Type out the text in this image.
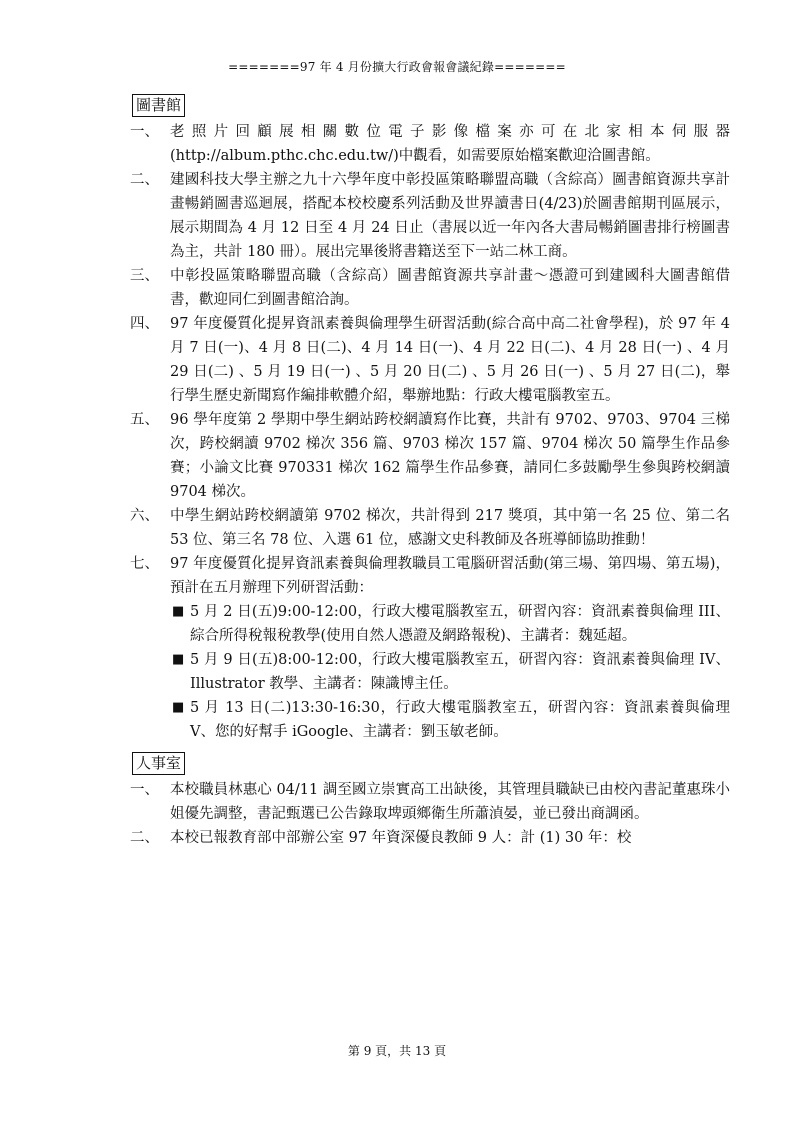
=======97 年 4 月份擴大行政會報會議紀錄=======
圖書館
一、 老照片回顧展相關數位電子影像檔案亦可在北家相本伺服器(http://album.pthc.chc.edu.tw/)中觀看，如需要原始檔案歡迎洽圖書館。
二、 建國科技大學主辦之九十六學年度中彰投區策略聯盟高職（含綜高）圖書館資源共享計畫暢銷圖書巡迴展，搭配本校校慶系列活動及世界讀書日(4/23)於圖書館期刊區展示，展示期間為 4 月 12 日至 4 月 24 日止（書展以近一年內各大書局暢銷圖書排行榜圖書為主，共計 180 冊）。展出完畢後將書籍送至下一站二林工商。
三、 中彰投區策略聯盟高職（含綜高）圖書館資源共享計畫～憑證可到建國科大圖書館借書，歡迎同仁到圖書館洽詢。
四、 97 年度優質化提昇資訊素養與倫理學生研習活動(綜合高中高二社會學程)，於 97 年 4 月 7 日(一)、4 月 8 日(二)、4 月 14 日(一)、4 月 22 日(二)、4 月 28 日(一) 、4 月 29 日(二) 、5 月 19 日(一) 、5 月 20 日(二) 、5 月 26 日(一) 、5 月 27 日(二)，舉行學生歷史新聞寫作編排軟體介紹，舉辦地點：行政大樓電腦教室五。
五、 96 學年度第 2 學期中學生網站跨校網讀寫作比賽，共計有 9702、9703、9704 三梯次，跨校網讀 9702 梯次 356 篇、9703 梯次 157 篇、9704 梯次 50 篇學生作品參賽；小論文比賽 970331 梯次 162 篇學生作品參賽，請同仁多鼓勵學生參與跨校網讀 9704 梯次。
六、 中學生網站跨校網讀第 9702 梯次，共計得到 217 獎項，其中第一名 25 位、第二名 53 位、第三名 78 位、入選 61 位，感謝文史科教師及各班導師協助推動！
七、 97 年度優質化提昇資訊素養與倫理教職員工電腦研習活動(第三場、第四場、第五場)，預計在五月辦理下列研習活動：
■ 5 月 2 日(五)9:00-12:00，行政大樓電腦教室五，研習內容：資訊素養與倫理 III、綜合所得稅報稅教學(使用自然人憑證及網路報稅)、主講者：魏延超。
■ 5 月 9 日(五)8:00-12:00，行政大樓電腦教室五，研習內容：資訊素養與倫理 IV、Illustrator 教學、主講者：陳識博主任。
■ 5 月 13 日(二)13:30-16:30，行政大樓電腦教室五，研習內容：資訊素養與倫理 V、您的好幫手 iGoogle、主講者：劉玉敏老師。
人事室
一、 本校職員林惠心 04/11 調至國立崇實高工出缺後，其管理員職缺已由校內書記董惠珠小姐優先調整，書記甄選已公告錄取埤頭鄉衛生所蕭湞晏，並已發出商調函。
二、 本校已報教育部中部辦公室 97 年資深優良教師 9 人：計 (1) 30 年：校
第 9 頁，共 13 頁
